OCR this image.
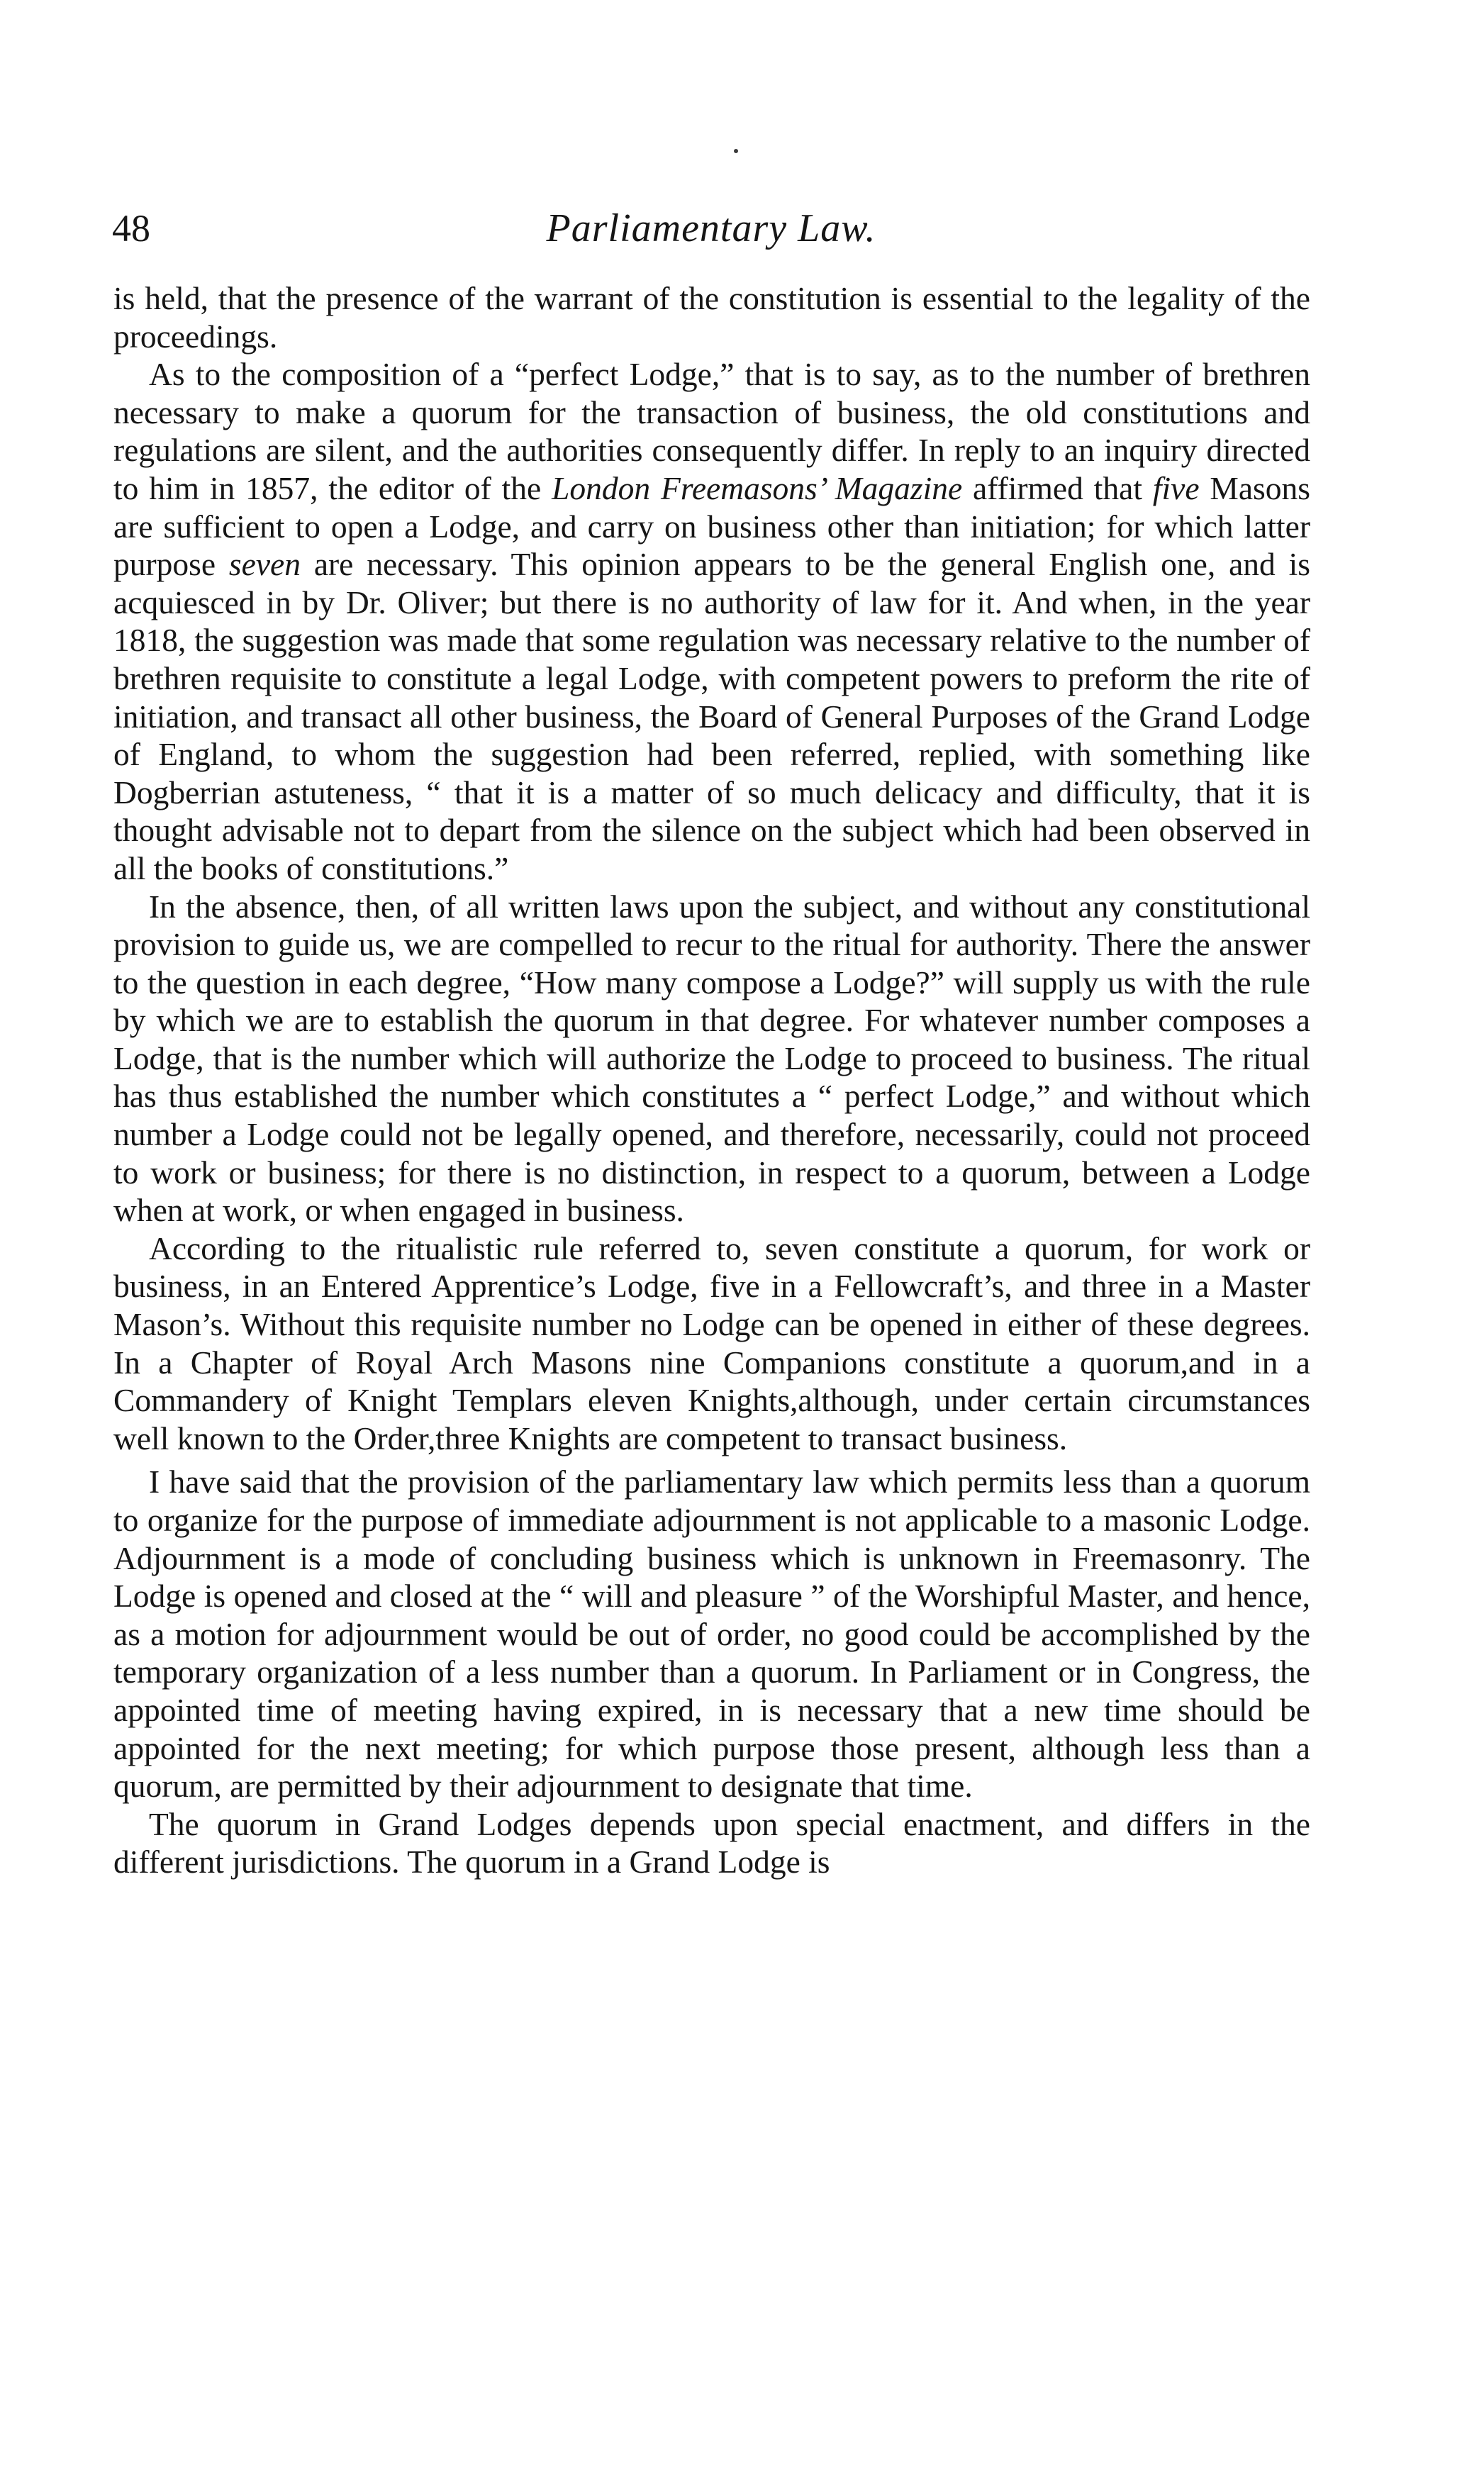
48	Parliamentary Law.

is held, that the presence of the warrant of the constitution is essential to the legality of the proceedings.

As to the composition of a “perfect Lodge,” that is to say, as to the number of brethren necessary to make a quorum for the transaction of business, the old constitutions and regulations are silent, and the authorities consequently differ. In reply to an inquiry directed to him in 1857, the editor of the London Freemasons’ Magazine affirmed that five Masons are sufficient to open a Lodge, and carry on business other than initiation; for which latter purpose seven are necessary. This opinion appears to be the general English one, and is acquiesced in by Dr. Oliver; but there is no authority of law for it. And when, in the year 1818, the suggestion was made that some regulation was necessary relative to the number of brethren requisite to constitute a legal Lodge, with competent powers to preform the rite of initiation, and transact all other business, the Board of General Purposes of the Grand Lodge of England, to whom the suggestion had been referred, replied, with something like Dogberrian astuteness, “ that it is a matter of so much delicacy and difficulty, that it is thought advisable not to depart from the silence on the subject which had been observed in all the books of constitutions.”

In the absence, then, of all written laws upon the subject, and without any constitutional provision to guide us, we are compelled to recur to the ritual for authority. There the answer to the question in each degree, “How many compose a Lodge?” will supply us with the rule by which we are to establish the quorum in that degree. For whatever number composes a Lodge, that is the number which will authorize the Lodge to proceed to business. The ritual has thus established the number which constitutes a “ perfect Lodge,” and without which number a Lodge could not be legally opened, and therefore, necessarily, could not proceed to work or business; for there is no distinction, in respect to a quorum, between a Lodge when at work, or when engaged in business.

According to the ritualistic rule referred to, seven constitute a quorum, for work or business, in an Entered Apprentice’s Lodge, five in a Fellowcraft’s, and three in a Master Mason’s. Without this requisite number no Lodge can be opened in either of these degrees. In a Chapter of Royal Arch Masons nine Companions constitute a quorum,and in a Commandery of Knight Templars eleven Knights,although, under certain circumstances well known to the Order,three Knights are competent to transact business.

I have said that the provision of the parliamentary law which permits less than a quorum to organize for the purpose of immediate adjournment is not applicable to a masonic Lodge. Adjournment is a mode of concluding business which is unknown in Freemasonry. The Lodge is opened and closed at the “ will and pleasure ” of the Worshipful Master, and hence, as a motion for adjournment would be out of order, no good could be accomplished by the temporary organization of a less number than a quorum. In Parliament or in Congress, the appointed time of meeting having expired, in is necessary that a new time should be appointed for the next meeting; for which purpose those present, although less than a quorum, are permitted by their adjournment to designate that time.

The quorum in Grand Lodges depends upon special enactment, and differs in the different jurisdictions. The quorum in a Grand Lodge is
